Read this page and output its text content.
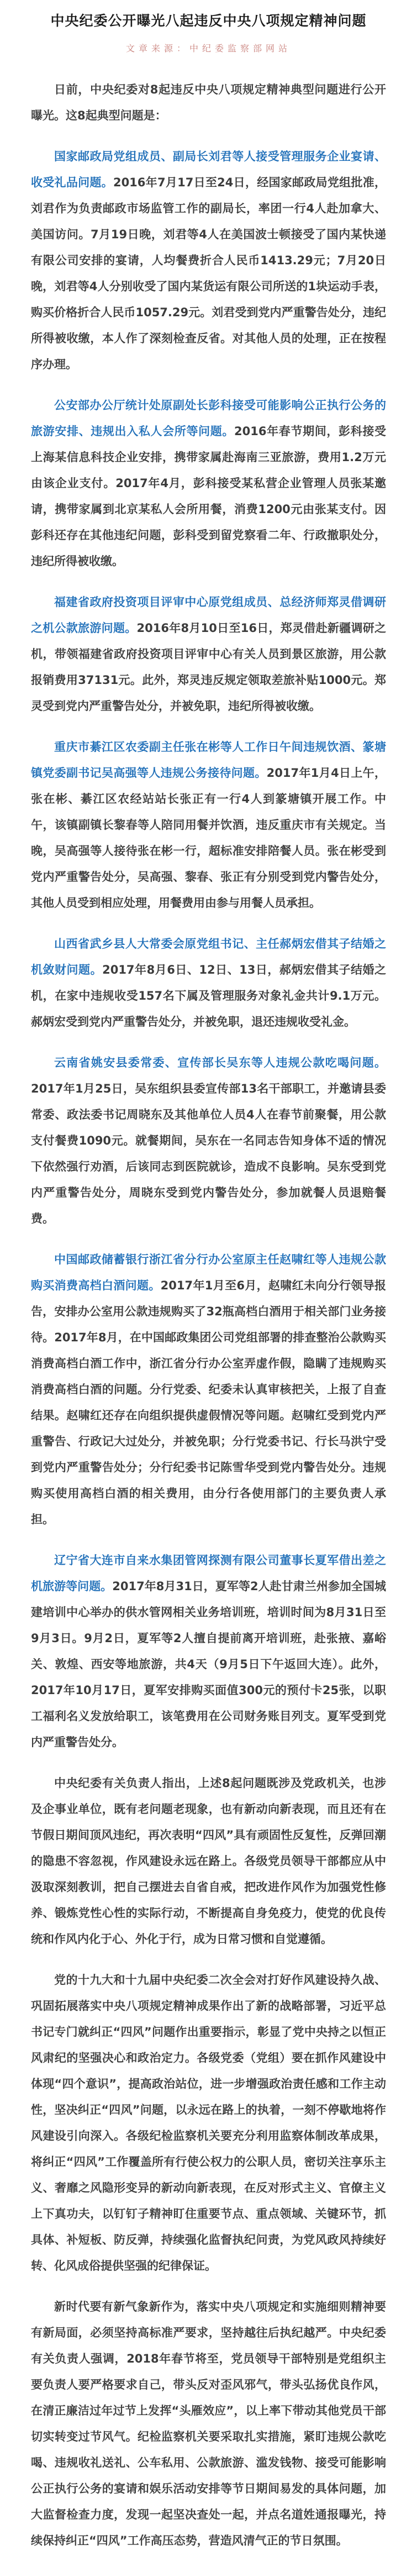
中央纪委公开曝光八起违反中央八项规定精神问题
文章来源：中纪委监察部网站

日前，中央纪委对8起违反中央八项规定精神典型问题进行公开曝光。这8起典型问题是：

国家邮政局党组成员、副局长刘君等人接受管理服务企业宴请、收受礼品问题。2016年7月17日至24日，经国家邮政局党组批准，刘君作为负责邮政市场监管工作的副局长，率团一行4人赴加拿大、美国访问。7月19日晚，刘君等4人在美国波士顿接受了国内某快递有限公司安排的宴请，人均餐费折合人民币1413.29元；7月20日晚，刘君等4人分别收受了国内某货运有限公司所送的1块运动手表，购买价格折合人民币1057.29元。刘君受到党内严重警告处分，违纪所得被收缴，本人作了深刻检查反省。对其他人员的处理，正在按程序办理。

公安部办公厅统计处原副处长彭科接受可能影响公正执行公务的旅游安排、违规出入私人会所等问题。2016年春节期间，彭科接受上海某信息科技企业安排，携带家属赴海南三亚旅游，费用1.2万元由该企业支付。2017年4月，彭科接受某私营企业管理人员张某邀请，携带家属到北京某私人会所用餐，消费1200元由张某支付。因彭科还存在其他违纪问题，彭科受到留党察看二年、行政撤职处分，违纪所得被收缴。

福建省政府投资项目评审中心原党组成员、总经济师郑灵借调研之机公款旅游问题。2016年8月10日至16日，郑灵借赴新疆调研之机，带领福建省政府投资项目评审中心有关人员到景区旅游，用公款报销费用37131元。此外，郑灵违反规定领取差旅补贴1000元。郑灵受到党内严重警告处分，并被免职，违纪所得被收缴。

重庆市綦江区农委副主任张在彬等人工作日午间违规饮酒、篆塘镇党委副书记吴高强等人违规公务接待问题。2017年1月4日上午，张在彬、綦江区农经站站长张正有一行4人到篆塘镇开展工作。中午，该镇副镇长黎春等人陪同用餐并饮酒，违反重庆市有关规定。当晚，吴高强等人接待张在彬一行，超标准安排陪餐人员。张在彬受到党内严重警告处分，吴高强、黎春、张正有分别受到党内警告处分，其他人员受到相应处理，用餐费用由参与用餐人员承担。

山西省武乡县人大常委会原党组书记、主任郝炳宏借其子结婚之机敛财问题。2017年8月6日、12日、13日，郝炳宏借其子结婚之机，在家中违规收受157名下属及管理服务对象礼金共计9.1万元。郝炳宏受到党内严重警告处分，并被免职，退还违规收受礼金。

云南省姚安县委常委、宣传部长吴东等人违规公款吃喝问题。2017年1月25日，吴东组织县委宣传部13名干部职工，并邀请县委常委、政法委书记周晓东及其他单位人员4人在春节前聚餐，用公款支付餐费1090元。就餐期间，吴东在一名同志告知身体不适的情况下依然强行劝酒，后该同志到医院就诊，造成不良影响。吴东受到党内严重警告处分，周晓东受到党内警告处分，参加就餐人员退赔餐费。

中国邮政储蓄银行浙江省分行办公室原主任赵啸红等人违规公款购买消费高档白酒问题。2017年1月至6月，赵啸红未向分行领导报告，安排办公室用公款违规购买了32瓶高档白酒用于相关部门业务接待。2017年8月，在中国邮政集团公司党组部署的排查整治公款购买消费高档白酒工作中，浙江省分行办公室弄虚作假，隐瞒了违规购买消费高档白酒的问题。分行党委、纪委未认真审核把关，上报了自查结果。赵啸红还存在向组织提供虚假情况等问题。赵啸红受到党内严重警告、行政记大过处分，并被免职；分行党委书记、行长马洪宁受到党内严重警告处分；分行纪委书记陈雪华受到党内警告处分。违规购买使用高档白酒的相关费用，由分行各使用部门的主要负责人承担。

辽宁省大连市自来水集团管网探测有限公司董事长夏军借出差之机旅游等问题。2017年8月31日，夏军等2人赴甘肃兰州参加全国城建培训中心举办的供水管网相关业务培训班，培训时间为8月31日至9月3日。9月2日，夏军等2人擅自提前离开培训班，赴张掖、嘉峪关、敦煌、西安等地旅游，共4天（9月5日下午返回大连）。此外，2017年10月17日，夏军安排购买面值300元的预付卡25张，以职工福利名义发放给职工，该笔费用在公司财务账目列支。夏军受到党内严重警告处分。

中央纪委有关负责人指出，上述8起问题既涉及党政机关，也涉及企事业单位，既有老问题老现象，也有新动向新表现，而且还有在节假日期间顶风违纪，再次表明“四风”具有顽固性反复性，反弹回潮的隐患不容忽视，作风建设永远在路上。各级党员领导干部都应从中汲取深刻教训，把自己摆进去自省自戒，把改进作风作为加强党性修养、锻炼党性心性的实际行动，不断提高自身免疫力，使党的优良传统和作风内化于心、外化于行，成为日常习惯和自觉遵循。

党的十九大和十九届中央纪委二次全会对打好作风建设持久战、巩固拓展落实中央八项规定精神成果作出了新的战略部署，习近平总书记专门就纠正“四风”问题作出重要指示，彰显了党中央持之以恒正风肃纪的坚强决心和政治定力。各级党委（党组）要在抓作风建设中体现“四个意识”，提高政治站位，进一步增强政治责任感和工作主动性，坚决纠正“四风”问题，以永远在路上的执着，一刻不停歇地将作风建设引向深入。各级纪检监察机关要充分利用监察体制改革成果，将纠正“四风”工作覆盖所有行使公权力的公职人员，密切关注享乐主义、奢靡之风隐形变异的新动向新表现，在反对形式主义、官僚主义上下真功夫，以钉钉子精神盯住重要节点、重点领域、关键环节，抓具体、补短板、防反弹，持续强化监督执纪问责，为党风政风持续好转、化风成俗提供坚强的纪律保证。

新时代要有新气象新作为，落实中央八项规定和实施细则精神要有新局面，必须坚持高标准严要求，坚持越往后执纪越严。中央纪委有关负责人强调，2018年春节将至，党员领导干部特别是党组织主要负责人要严格要求自己，带头反对歪风邪气，带头弘扬优良作风，在清正廉洁过年过节上发挥“头雁效应”，以上率下带动其他党员干部切实转变过节风气。纪检监察机关要采取扎实措施，紧盯违规公款吃喝、违规收礼送礼、公车私用、公款旅游、滥发钱物、接受可能影响公正执行公务的宴请和娱乐活动安排等节日期间易发的具体问题，加大监督检查力度，发现一起坚决查处一起，并点名道姓通报曝光，持续保持纠正“四风”工作高压态势，营造风清气正的节日氛围。
